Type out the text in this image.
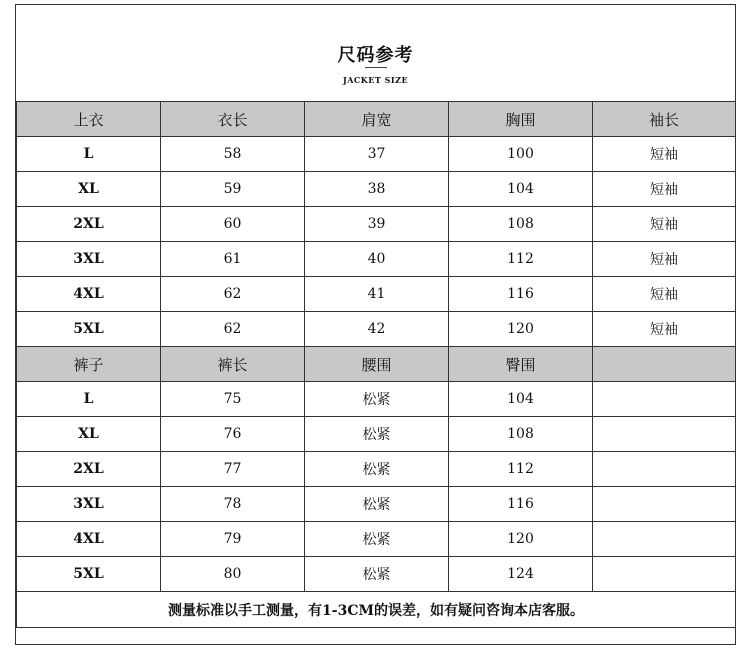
尺码参考
JACKET SIZE
上衣	衣长	肩宽	胸围	袖长
L	58	37	100	短袖
XL	59	38	104	短袖
2XL	60	39	108	短袖
3XL	61	40	112	短袖
4XL	62	41	116	短袖
5XL	62	42	120	短袖
裤子	裤长	腰围	臀围	
L	75	松紧	104	
XL	76	松紧	108	
2XL	77	松紧	112	
3XL	78	松紧	116	
4XL	79	松紧	120	
5XL	80	松紧	124	
测量标准以手工测量，有1-3CM的误差，如有疑问咨询本店客服。				
